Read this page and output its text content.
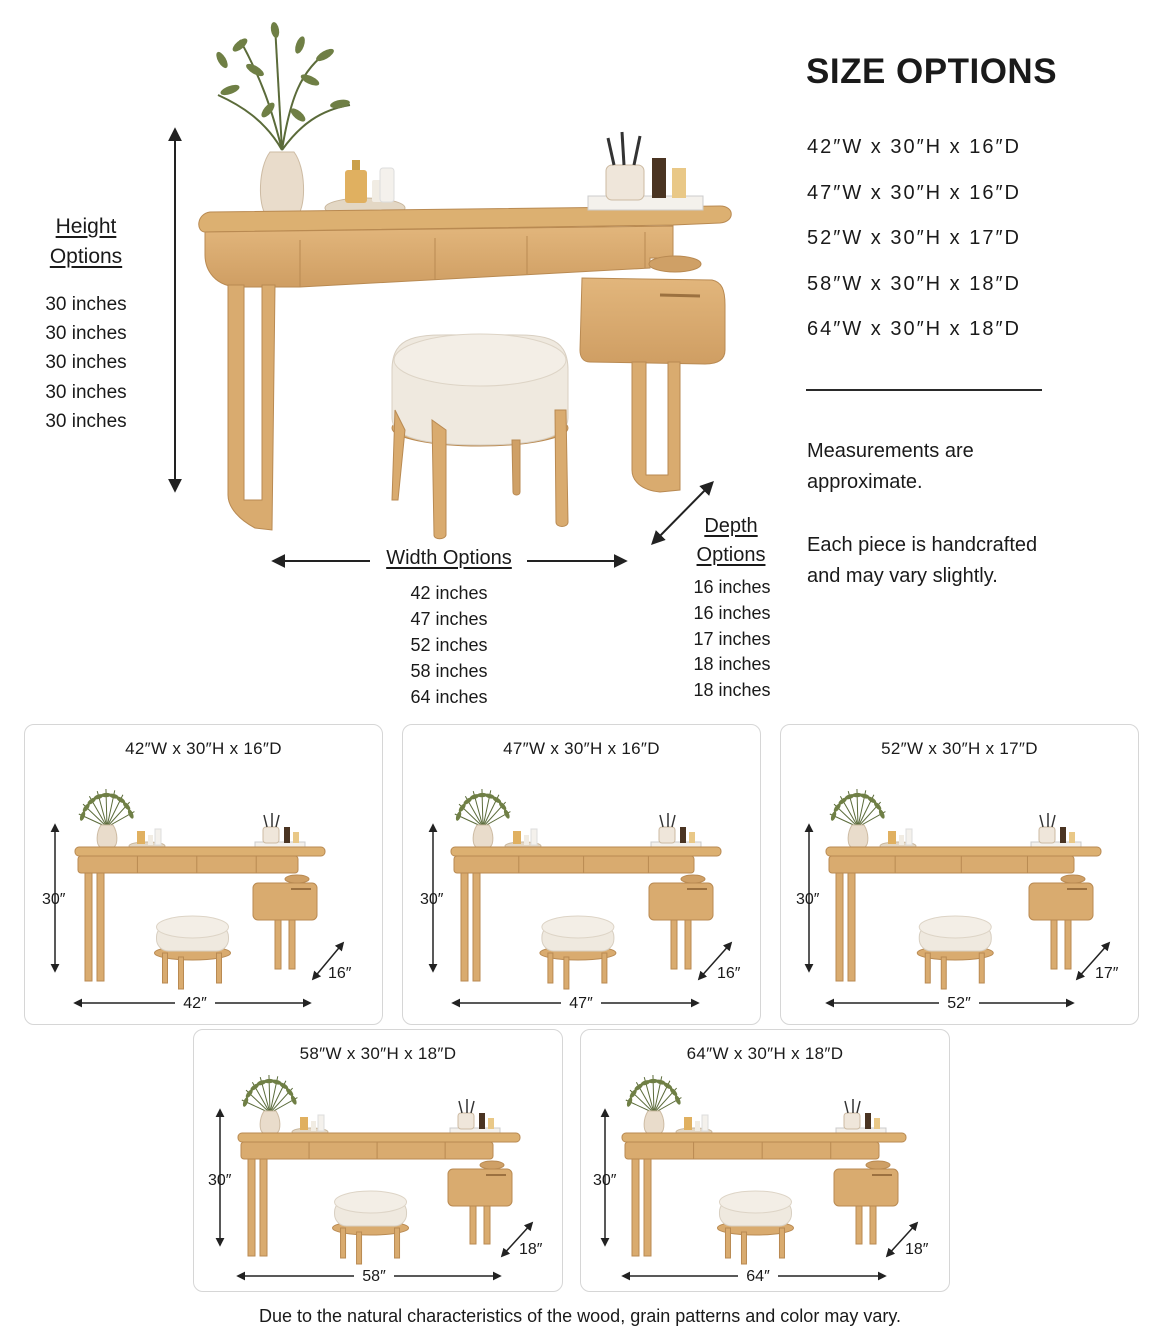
Height
Options
30 inches
30 inches
30 inches
30 inches
30 inches
Width Options
42 inches
47 inches
52 inches
58 inches
64 inches
Depth
Options
16 inches
16 inches
17 inches
18 inches
18 inches
SIZE OPTIONS
42″W x 30″H x 16″D
47″W x 30″H x 16″D
52″W x 30″H x 17″D
58″W x 30″H x 18″D
64″W x 30″H x 18″D
Measurements are approximate.
Each piece is handcrafted and may vary slightly.
42″W x 30″H x 16″D
30″
42″
16″
47″W x 30″H x 16″D
30″
47″
16″
52″W x 30″H x 17″D
30″
52″
17″
58″W x 30″H x 18″D
30″
58″
18″
64″W x 30″H x 18″D
30″
64″
18″
Due to the natural characteristics of the wood, grain patterns and color may vary.
